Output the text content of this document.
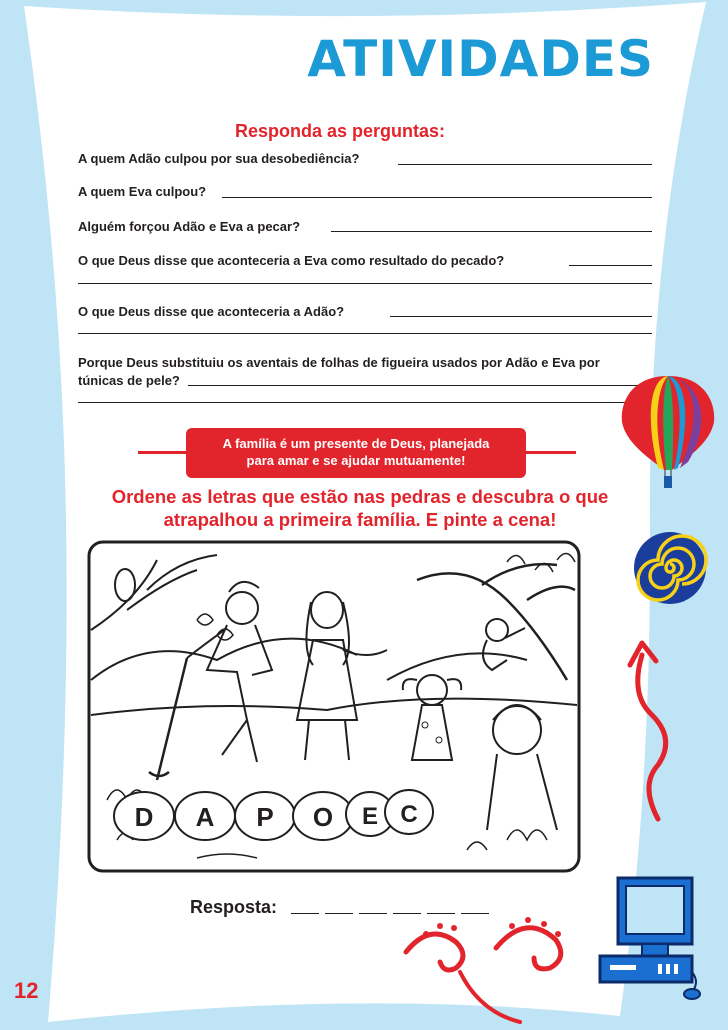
ATIVIDADES
Responda as perguntas:
A quem Adão culpou por sua desobediência?
A quem Eva culpou?
Alguém forçou Adão e Eva a pecar?
O que Deus disse que aconteceria a Eva como resultado do pecado?
O que Deus disse que aconteceria a Adão?
Porque Deus substituiu os aventais de folhas de figueira usados por Adão e Eva por
túnicas de pele?
A família é um presente de Deus, planejada
para amar e se ajudar mutuamente!
Ordene as letras que estão nas pedras e descubra o que
atrapalhou a primeira família. E pinte a cena!
D A P O E C
Resposta:
12
